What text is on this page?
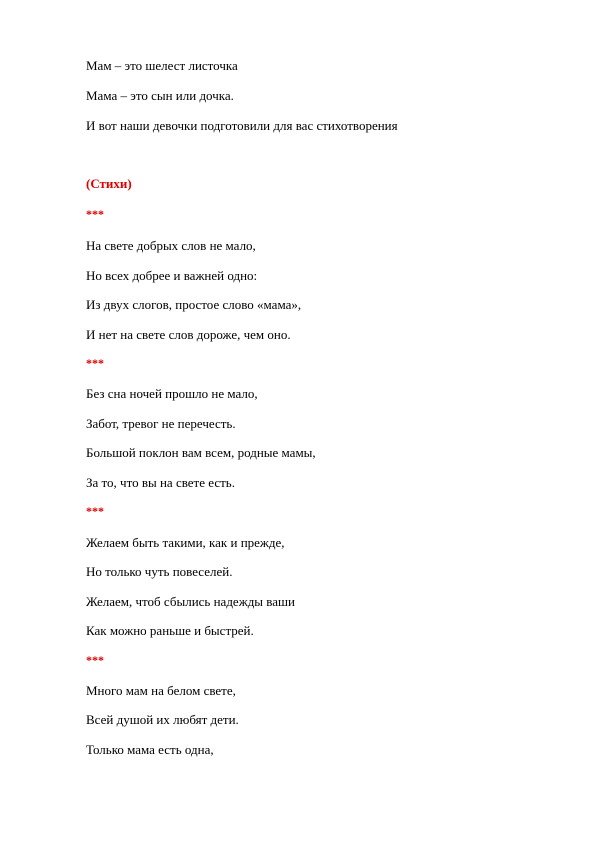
Мам – это шелест листочка
Мама – это сын или дочка.
И вот наши девочки подготовили для вас стихотворения
(Стихи)
***
На свете добрых слов не мало,
Но всех добрее и важней одно:
Из двух слогов, простое слово «мама»,
И нет на свете слов дороже, чем оно.
***
Без сна ночей прошло не мало,
Забот, тревог не перечесть.
Большой поклон вам всем, родные мамы,
За то, что вы на свете есть.
***
Желаем быть такими, как и прежде,
Но только чуть повеселей.
Желаем, чтоб сбылись надежды ваши
Как можно раньше и быстрей.
***
Много мам на белом свете,
Всей душой их любят дети.
Только мама есть одна,
